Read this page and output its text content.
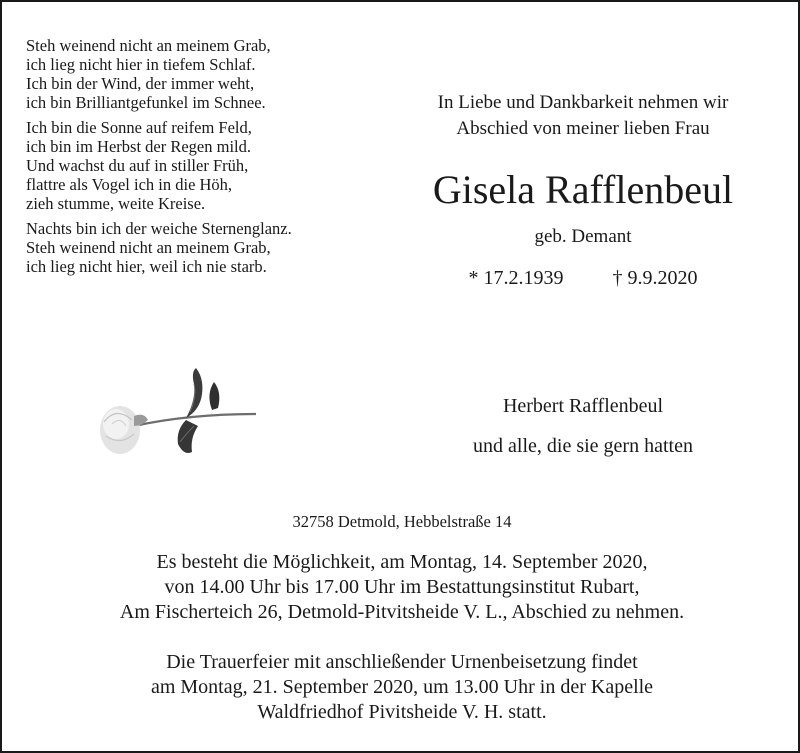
Steh weinend nicht an meinem Grab,
ich lieg nicht hier in tiefem Schlaf.
Ich bin der Wind, der immer weht,
ich bin Brilliantgefunkel im Schnee.
Ich bin die Sonne auf reifem Feld,
ich bin im Herbst der Regen mild.
Und wachst du auf in stiller Früh,
flattre als Vogel ich in die Höh,
zieh stumme, weite Kreise.
Nachts bin ich der weiche Sternenglanz.
Steh weinend nicht an meinem Grab,
ich lieg nicht hier, weil ich nie starb.
In Liebe und Dankbarkeit nehmen wir
Abschied von meiner lieben Frau
Gisela Rafflenbeul
geb. Demant
* 17.2.1939 † 9.9.2020
Herbert Rafflenbeul
und alle, die sie gern hatten
32758 Detmold, Hebbelstraße 14
Es besteht die Möglichkeit, am Montag, 14. September 2020,
von 14.00 Uhr bis 17.00 Uhr im Bestattungsinstitut Rubart,
Am Fischerteich 26, Detmold-Pitvitsheide V. L., Abschied zu nehmen.
Die Trauerfeier mit anschließender Urnenbeisetzung findet
am Montag, 21. September 2020, um 13.00 Uhr in der Kapelle
Waldfriedhof Pivitsheide V. H. statt.
